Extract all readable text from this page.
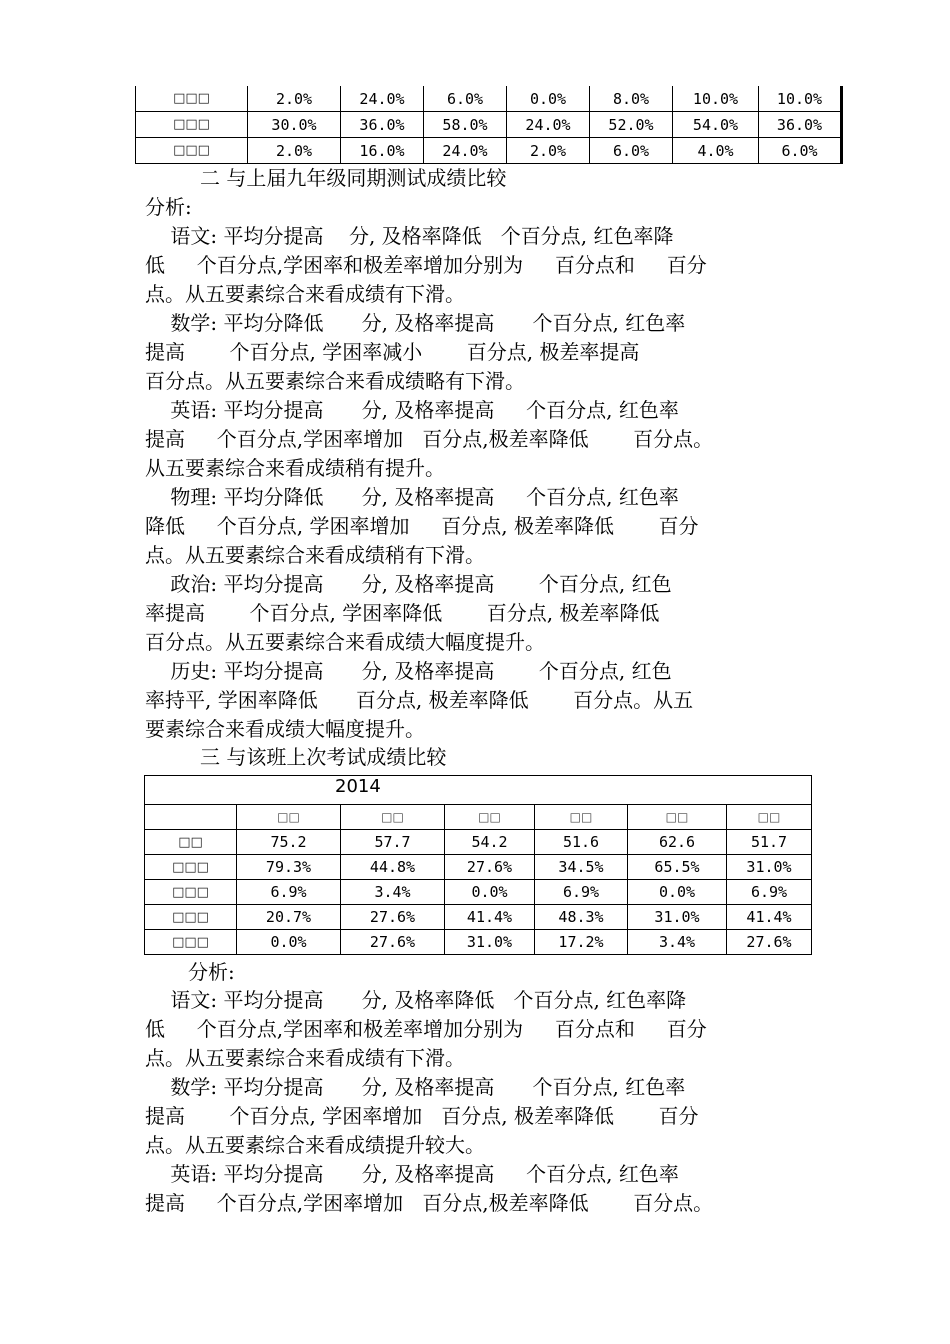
□□□	2.0%	24.0%	6.0%	0.0%	8.0%	10.0%	10.0%
□□□	30.0%	36.0%	58.0%	24.0%	52.0%	54.0%	36.0%
□□□	2.0%	16.0%	24.0%	2.0%	6.0%	4.0%	6.0%
二 与上届九年级同期测试成绩比较
分析:
语文: 平均分提高    分, 及格率降低   个百分点, 红色率降
低     个百分点,学困率和极差率增加分别为     百分点和     百分
点。从五要素综合来看成绩有下滑。
数学: 平均分降低      分, 及格率提高      个百分点, 红色率
提高       个百分点, 学困率减小       百分点, 极差率提高
百分点。从五要素综合来看成绩略有下滑。
英语: 平均分提高      分, 及格率提高     个百分点, 红色率
提高     个百分点,学困率增加   百分点,极差率降低       百分点。
从五要素综合来看成绩稍有提升。
物理: 平均分降低      分, 及格率提高     个百分点, 红色率
降低     个百分点, 学困率增加     百分点, 极差率降低       百分
点。从五要素综合来看成绩稍有下滑。
政治: 平均分提高      分, 及格率提高       个百分点, 红色
率提高       个百分点, 学困率降低       百分点, 极差率降低
百分点。从五要素综合来看成绩大幅度提升。
历史: 平均分提高      分, 及格率提高       个百分点, 红色
率持平, 学困率降低      百分点, 极差率降低       百分点。从五
要素综合来看成绩大幅度提升。
三 与该班上次考试成绩比较
2014						
	□□	□□	□□	□□	□□	□□
□□	75.2	57.7	54.2	51.6	62.6	51.7
□□□	79.3%	44.8%	27.6%	34.5%	65.5%	31.0%
□□□	6.9%	3.4%	0.0%	6.9%	0.0%	6.9%
□□□	20.7%	27.6%	41.4%	48.3%	31.0%	41.4%
□□□	0.0%	27.6%	31.0%	17.2%	3.4%	27.6%
分析:
语文: 平均分提高      分, 及格率降低   个百分点, 红色率降
低     个百分点,学困率和极差率增加分别为     百分点和     百分
点。从五要素综合来看成绩有下滑。
数学: 平均分提高      分, 及格率提高      个百分点, 红色率
提高       个百分点, 学困率增加   百分点, 极差率降低       百分
点。从五要素综合来看成绩提升较大。
英语: 平均分提高      分, 及格率提高     个百分点, 红色率
提高     个百分点,学困率增加   百分点,极差率降低       百分点。
